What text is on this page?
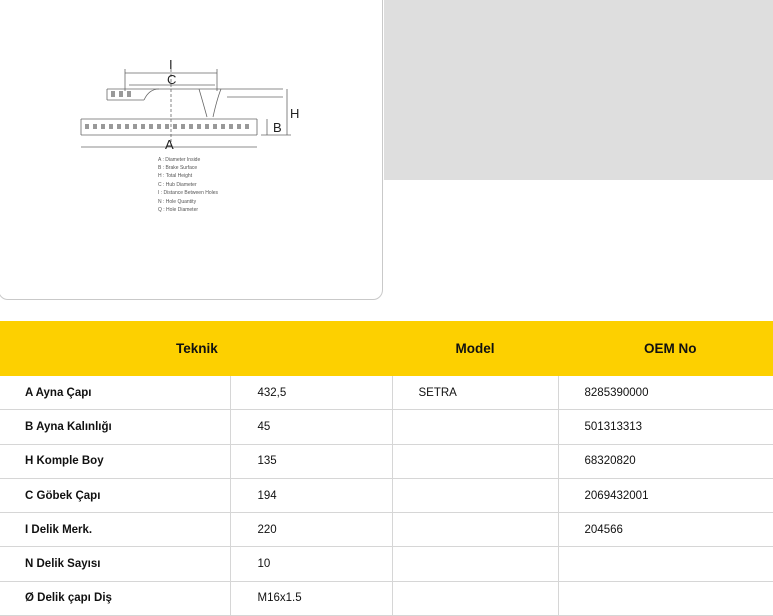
I
C
H
B
A
A : Diameter Inside
B : Brake Surface
H : Total Height
C : Hub Diameter
I : Distance Between Holes
N : Hole Quantity
Q : Hole Diameter
Teknik		Model	OEM No
A Ayna Çapı	432,5	SETRA	8285390000
B Ayna Kalınlığı	45		501313313
H Komple Boy	135		68320820
C Göbek Çapı	194		2069432001
I Delik Merk.	220		204566
N Delik Sayısı	10		
Ø Delik çapı Diş	M16x1.5		
